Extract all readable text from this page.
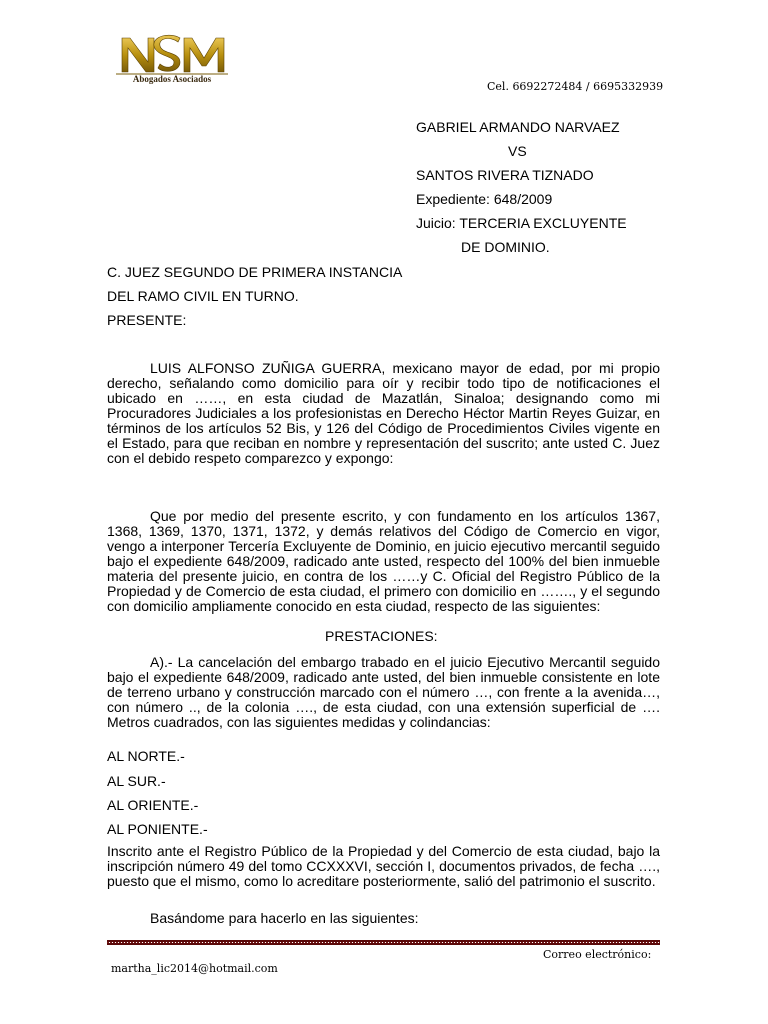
Abogados Asociados
Cel. 6692272484 / 6695332939
GABRIEL ARMANDO NARVAEZ
VS
SANTOS RIVERA TIZNADO
Expediente: 648/2009
Juicio: TERCERIA EXCLUYENTE
DE DOMINIO.
C. JUEZ SEGUNDO DE PRIMERA INSTANCIA
DEL RAMO CIVIL EN TURNO.
PRESENTE:

LUIS ALFONSO ZUÑIGA GUERRA, mexicano mayor de edad, por mi propio derecho, señalando como domicilio para oír y recibir todo tipo de notificaciones el ubicado en ……, en esta ciudad de Mazatlán, Sinaloa; designando como mi Procuradores Judiciales a los profesionistas en Derecho Héctor Martin Reyes Guizar, en términos de los artículos 52 Bis, y 126 del Código de Procedimientos Civiles vigente en el Estado, para que reciban en nombre y representación del suscrito; ante usted C. Juez con el debido respeto comparezco y expongo:

Que por medio del presente escrito, y con fundamento en los artículos 1367, 1368, 1369, 1370, 1371, 1372, y demás relativos del Código de Comercio en vigor, vengo a interponer Tercería Excluyente de Dominio, en juicio ejecutivo mercantil seguido bajo el expediente 648/2009, radicado ante usted, respecto del 100% del bien inmueble materia del presente juicio, en contra de los ……y C. Oficial del Registro Público de la Propiedad y de Comercio de esta ciudad, el primero con domicilio en ……., y el segundo con domicilio ampliamente conocido en esta ciudad, respecto de las siguientes:

PRESTACIONES:

A).- La cancelación del embargo trabado en el juicio Ejecutivo Mercantil seguido bajo el expediente 648/2009, radicado ante usted, del bien inmueble consistente en lote de terreno urbano y construcción marcado con el número …, con frente a la avenida…, con número .., de la colonia …., de esta ciudad, con una extensión superficial de …. Metros cuadrados, con las siguientes medidas y colindancias:

AL NORTE.-
AL SUR.-
AL ORIENTE.-
AL PONIENTE.-

Inscrito ante el Registro Público de la Propiedad y del Comercio de esta ciudad, bajo la inscripción número 49 del tomo CCXXXVI, sección I, documentos privados, de fecha …., puesto que el mismo, como lo acreditare posteriormente, salió del patrimonio el suscrito.

Basándome para hacerlo en las siguientes:

Correo electrónico:
martha_lic2014@hotmail.com
